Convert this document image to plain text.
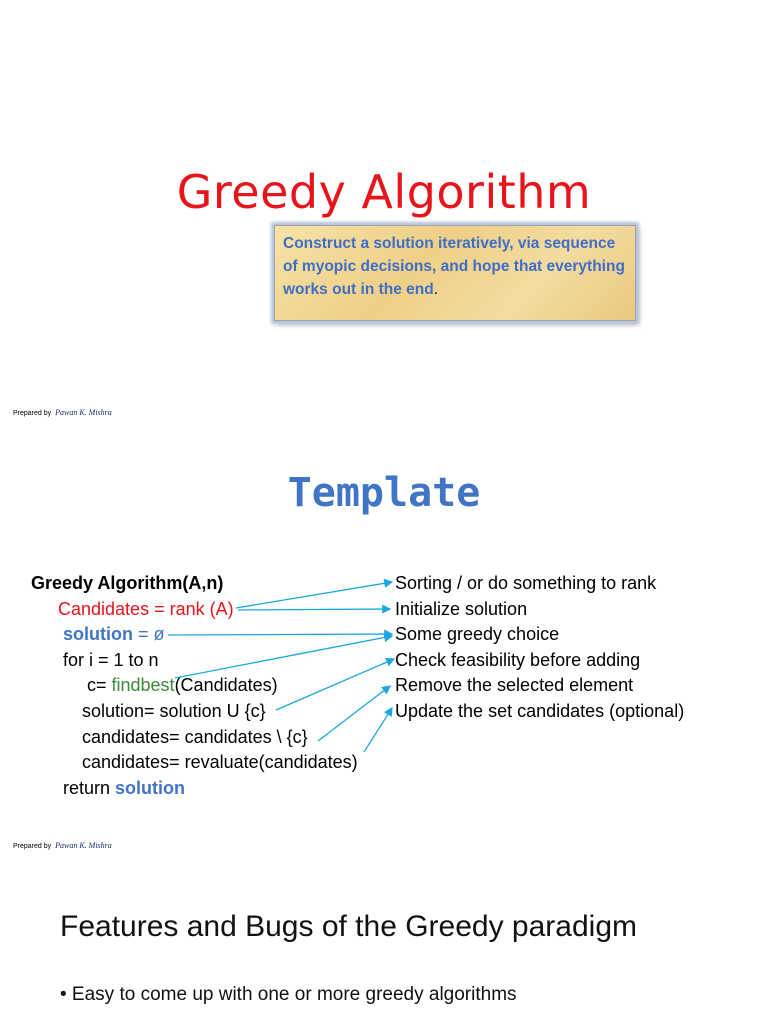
Greedy Algorithm
Construct a solution iteratively, via sequence of myopic decisions, and hope that everything works out in the end.
Prepared by Pawan K. Mishra
Template
Greedy Algorithm(A,n)
Candidates = rank (A)
solution = ø
for i = 1 to n
c= findbest(Candidates)
solution= solution U {c}
candidates= candidates \ {c}
candidates= revaluate(candidates)
return solution
Sorting / or do something to rank
Initialize solution
Some greedy choice
Check feasibility before adding
Remove the selected element
Update the set candidates (optional)
Prepared by Pawan K. Mishra
Features and Bugs of the Greedy paradigm
• Easy to come up with one or more greedy algorithms
